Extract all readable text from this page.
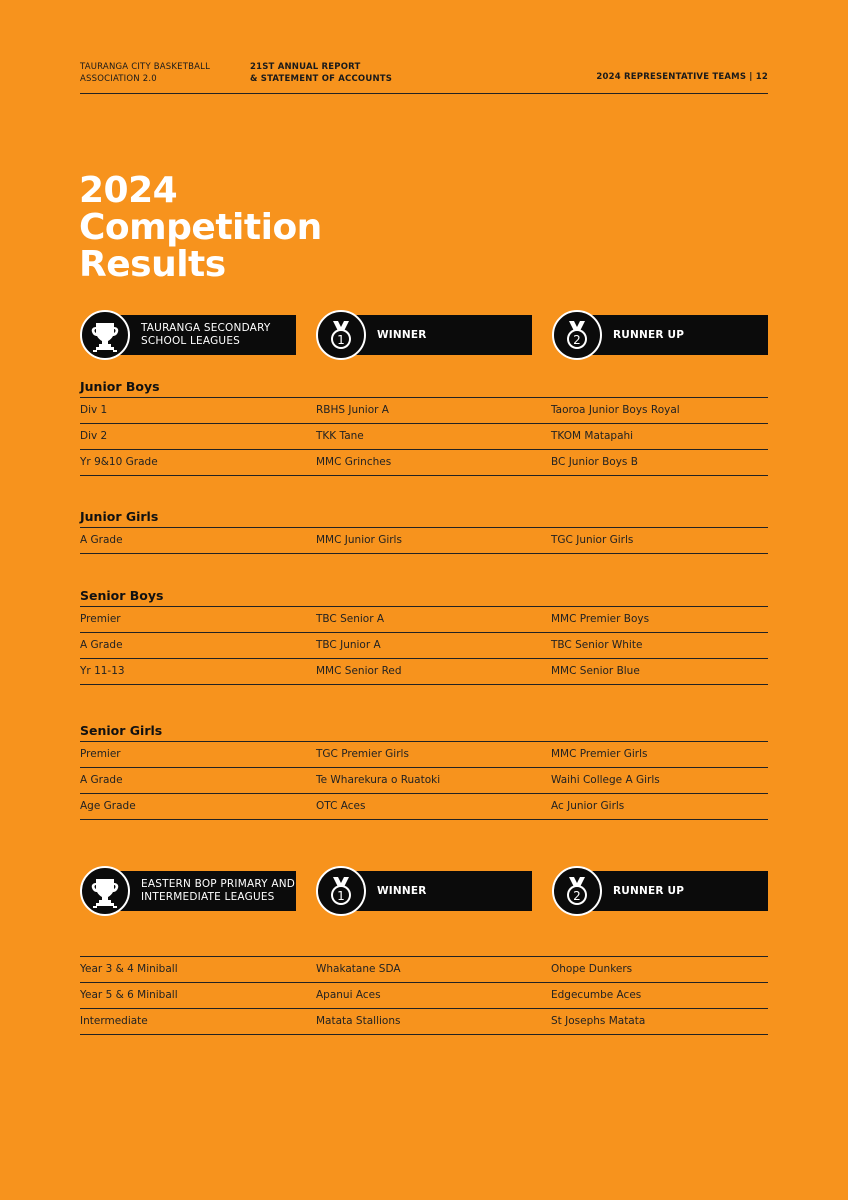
TAURANGA CITY BASKETBALL
ASSOCIATION 2.0
21ST ANNUAL REPORT
& STATEMENT OF ACCOUNTS	2024 REPRESENTATIVE TEAMS | 12
2024
Competition
Results
TAURANGA SECONDARY
SCHOOL LEAGUES	1	WINNER	2	RUNNER UP
Junior Boys
Div 1	RBHS Junior A	Taoroa Junior Boys Royal
Div 2	TKK Tane	TKOM Matapahi
Yr 9&10 Grade	MMC Grinches	BC Junior Boys B
Junior Girls
A Grade	MMC Junior Girls	TGC Junior Girls
Senior Boys
Premier	TBC Senior A	MMC Premier Boys
A Grade	TBC Junior A	TBC Senior White
Yr 11-13	MMC Senior Red	MMC Senior Blue
Senior Girls
Premier	TGC Premier Girls	MMC Premier Girls
A Grade	Te Wharekura o Ruatoki	Waihi College A Girls
Age Grade	OTC Aces	Ac Junior Girls
EASTERN BOP PRIMARY AND
INTERMEDIATE LEAGUES	1	WINNER	2	RUNNER UP
Year 3 & 4 Miniball	Whakatane SDA	Ohope Dunkers
Year 5 & 6 Miniball	Apanui Aces	Edgecumbe Aces
Intermediate	Matata Stallions	St Josephs Matata
